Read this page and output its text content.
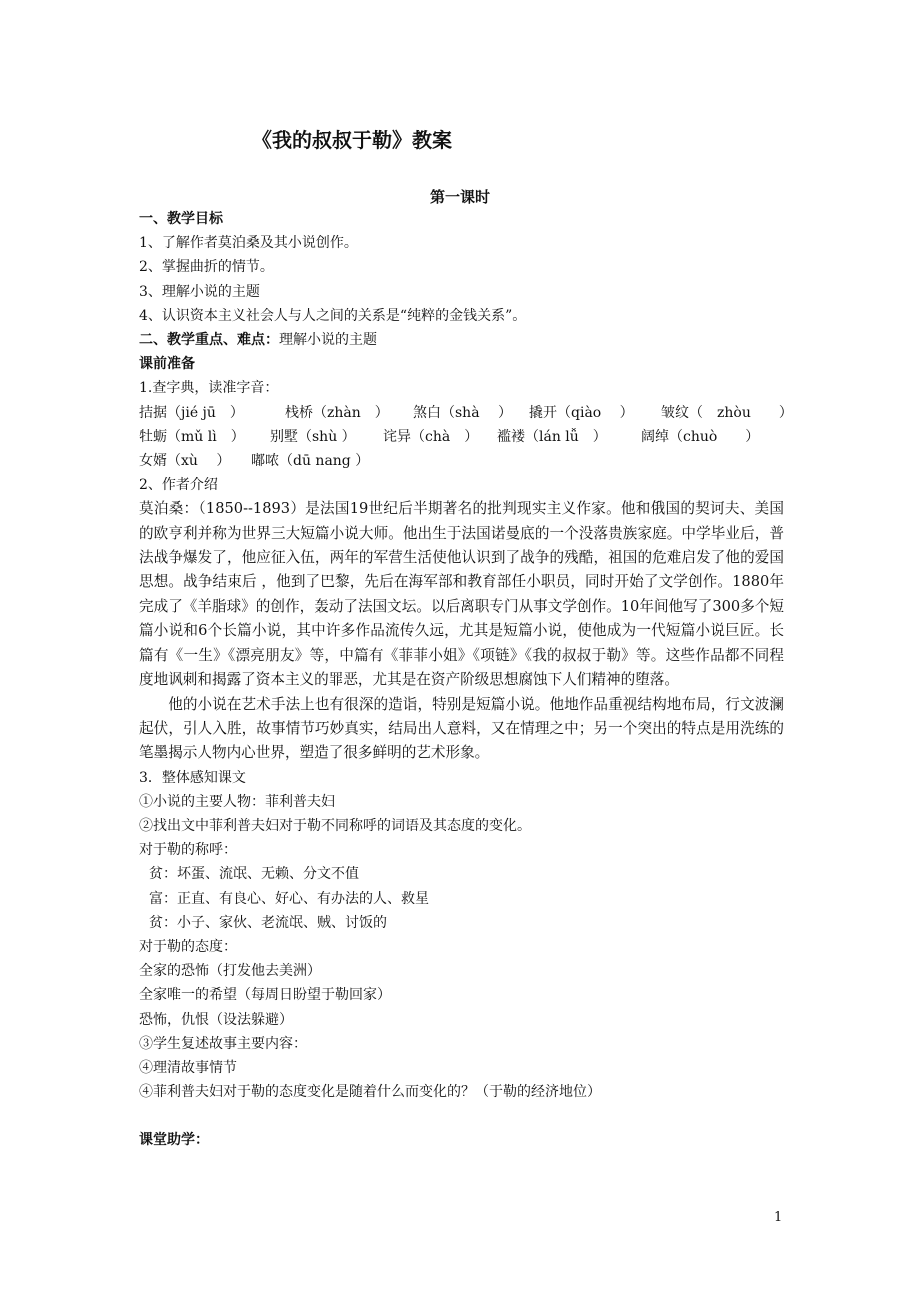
《我的叔叔于勒》教案
第一课时
一、教学目标
1、了解作者莫泊桑及其小说创作。
2、掌握曲折的情节。
3、理解小说的主题
4、认识资本主义社会人与人之间的关系是“纯粹的金钱关系”。
二、教学重点、难点：理解小说的主题
课前准备
1.查字典，读准字音：
拮据（jié jū　）	栈桥（zhàn　） 煞白（shà　 ） 撬开（qiào　 ） 皱纹（　zhòu　　）
牡蛎（mǔ lì　） 别墅（shù ） 诧异（chà　） 褴褛（lán lǚ　） 阔绰（chuò　　）
女婿（xù　 ） 嘟哝（dū nang ）
2、作者介绍
莫泊桑：（1850--1893）是法国19世纪后半期著名的批判现实主义作家。他和俄国的契诃夫、美国的欧亨利并称为世界三大短篇小说大师。他出生于法国诺曼底的一个没落贵族家庭。中学毕业后，普法战争爆发了，他应征入伍，两年的军营生活使他认识到了战争的残酷，祖国的危难启发了他的爱国思想。战争结束后 ，他到了巴黎，先后在海军部和教育部任小职员，同时开始了文学创作。1880年完成了《羊脂球》的创作，轰动了法国文坛。以后离职专门从事文学创作。10年间他写了300多个短篇小说和6个长篇小说，其中许多作品流传久远，尤其是短篇小说，使他成为一代短篇小说巨匠。长篇有《一生》《漂亮朋友》等，中篇有《菲菲小姐》《项链》《我的叔叔于勒》等。这些作品都不同程度地讽刺和揭露了资本主义的罪恶，尤其是在资产阶级思想腐蚀下人们精神的堕落。
他的小说在艺术手法上也有很深的造诣，特别是短篇小说。他地作品重视结构地布局，行文波澜起伏，引人入胜，故事情节巧妙真实，结局出人意料，又在情理之中；另一个突出的特点是用洗练的笔墨揭示人物内心世界，塑造了很多鲜明的艺术形象。
3．整体感知课文
①小说的主要人物：菲利普夫妇
②找出文中菲利普夫妇对于勒不同称呼的词语及其态度的变化。
对于勒的称呼：
贫：坏蛋、流氓、无赖、分文不值
富：正直、有良心、好心、有办法的人、救星
贫：小子、家伙、老流氓、贼、讨饭的
对于勒的态度：
全家的恐怖（打发他去美洲）
全家唯一的希望（每周日盼望于勒回家）
恐怖，仇恨（设法躲避）
③学生复述故事主要内容：
④理清故事情节
④菲利普夫妇对于勒的态度变化是随着什么而变化的？（于勒的经济地位）
课堂助学：
1
